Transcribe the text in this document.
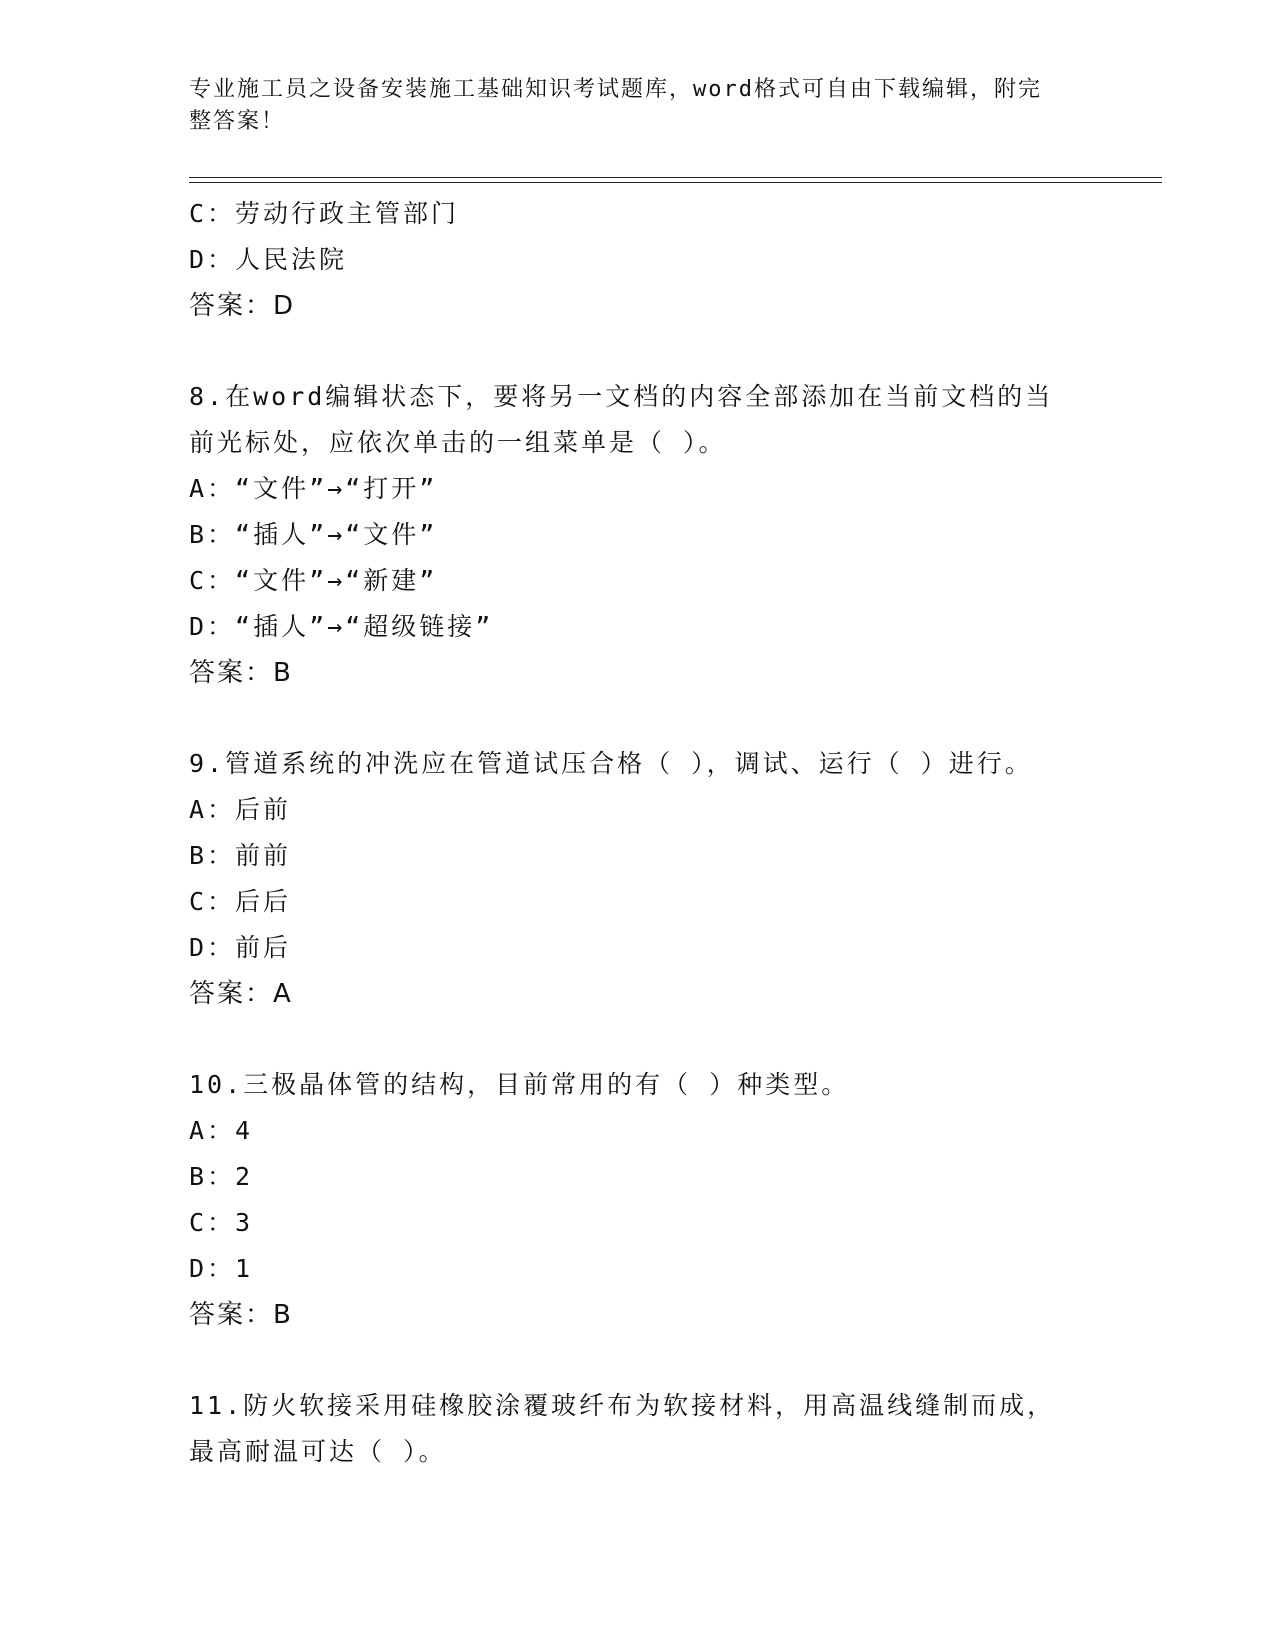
专业施工员之设备安装施工基础知识考试题库，word格式可自由下载编辑，附完
整答案！
C：劳动行政主管部门
D：人民法院
答案：D
8.在word编辑状态下，要将另一文档的内容全部添加在当前文档的当
前光标处，应依次单击的一组菜单是（ ）。
A：“文件”→“打开”
B：“插人”→“文件”
C：“文件”→“新建”
D：“插人”→“超级链接”
答案：B
9.管道系统的冲洗应在管道试压合格（ ），调试、运行（ ）进行。
A：后前
B：前前
C：后后
D：前后
答案：A
10.三极晶体管的结构，目前常用的有（ ）种类型。
A：4
B：2
C：3
D：1
答案：B
11.防火软接采用硅橡胶涂覆玻纤布为软接材料，用高温线缝制而成，
最高耐温可达（ ）。
